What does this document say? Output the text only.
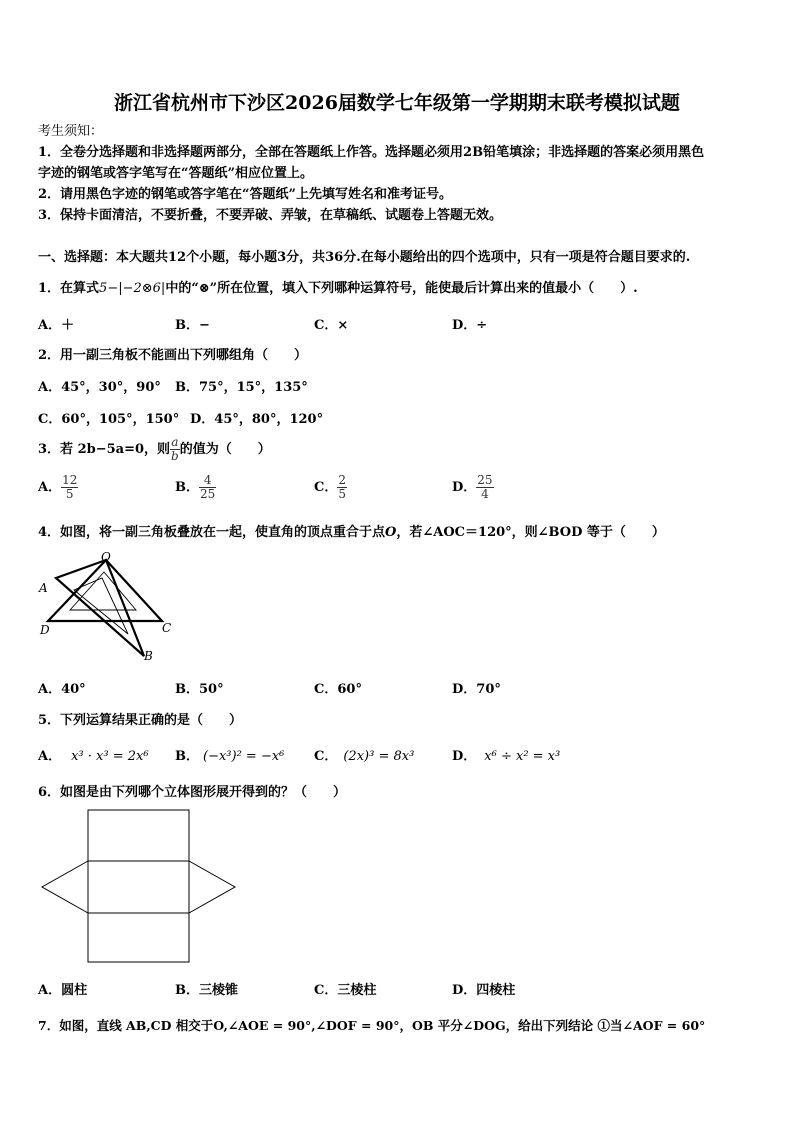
浙江省杭州市下沙区2026届数学七年级第一学期期末联考模拟试题
考生须知：
1．全卷分选择题和非选择题两部分，全部在答题纸上作答。选择题必须用2B铅笔填涂；非选择题的答案必须用黑色
字迹的钢笔或答字笔写在“答题纸”相应位置上。
2．请用黑色字迹的钢笔或答字笔在“答题纸”上先填写姓名和准考证号。
3．保持卡面清洁，不要折叠，不要弄破、弄皱，在草稿纸、试题卷上答题无效。
一、选择题：本大题共12个小题，每小题3分，共36分.在每小题给出的四个选项中，只有一项是符合题目要求的.
1．在算式5−|−2⊗6|中的“⊗”所在位置，填入下列哪种运算符号，能使最后计算出来的值最小（　　）.
A．＋	B．−	C．×	D．÷
2．用一副三角板不能画出下列哪组角（　　）
A．45°，30°，90° B．75°，15°，135°
C．60°，105°，150° D．45°，80°，120°
3．若 2b−5a=0，则 $\frac{a}{b}$ 的值为（　　）
A． $\frac{12}{5}$	B． $\frac{4}{25}$	C． $\frac{2}{5}$	D． $\frac{25}{4}$
4．如图，将一副三角板叠放在一起，使直角的顶点重合于点O，若∠AOC＝120°，则∠BOD 等于（　　）
O
A
D	C
B
A．40°	B．50°	C．60°	D．70°
5．下列运算结果正确的是（　　）
A． x³ · x³ = 2x⁶ B． (−x³)² = −x⁶ C． (2x)³ = 8x³	D． x⁶ ÷ x² = x³
6．如图是由下列哪个立体图形展开得到的？（　　）
A．圆柱	B．三棱锥	C．三棱柱	D．四棱柱
7．如图，直线 AB,CD 相交于O,∠AOE = 90°,∠DOF = 90°，OB 平分∠DOG，给出下列结论 ①当∠AOF = 60°
